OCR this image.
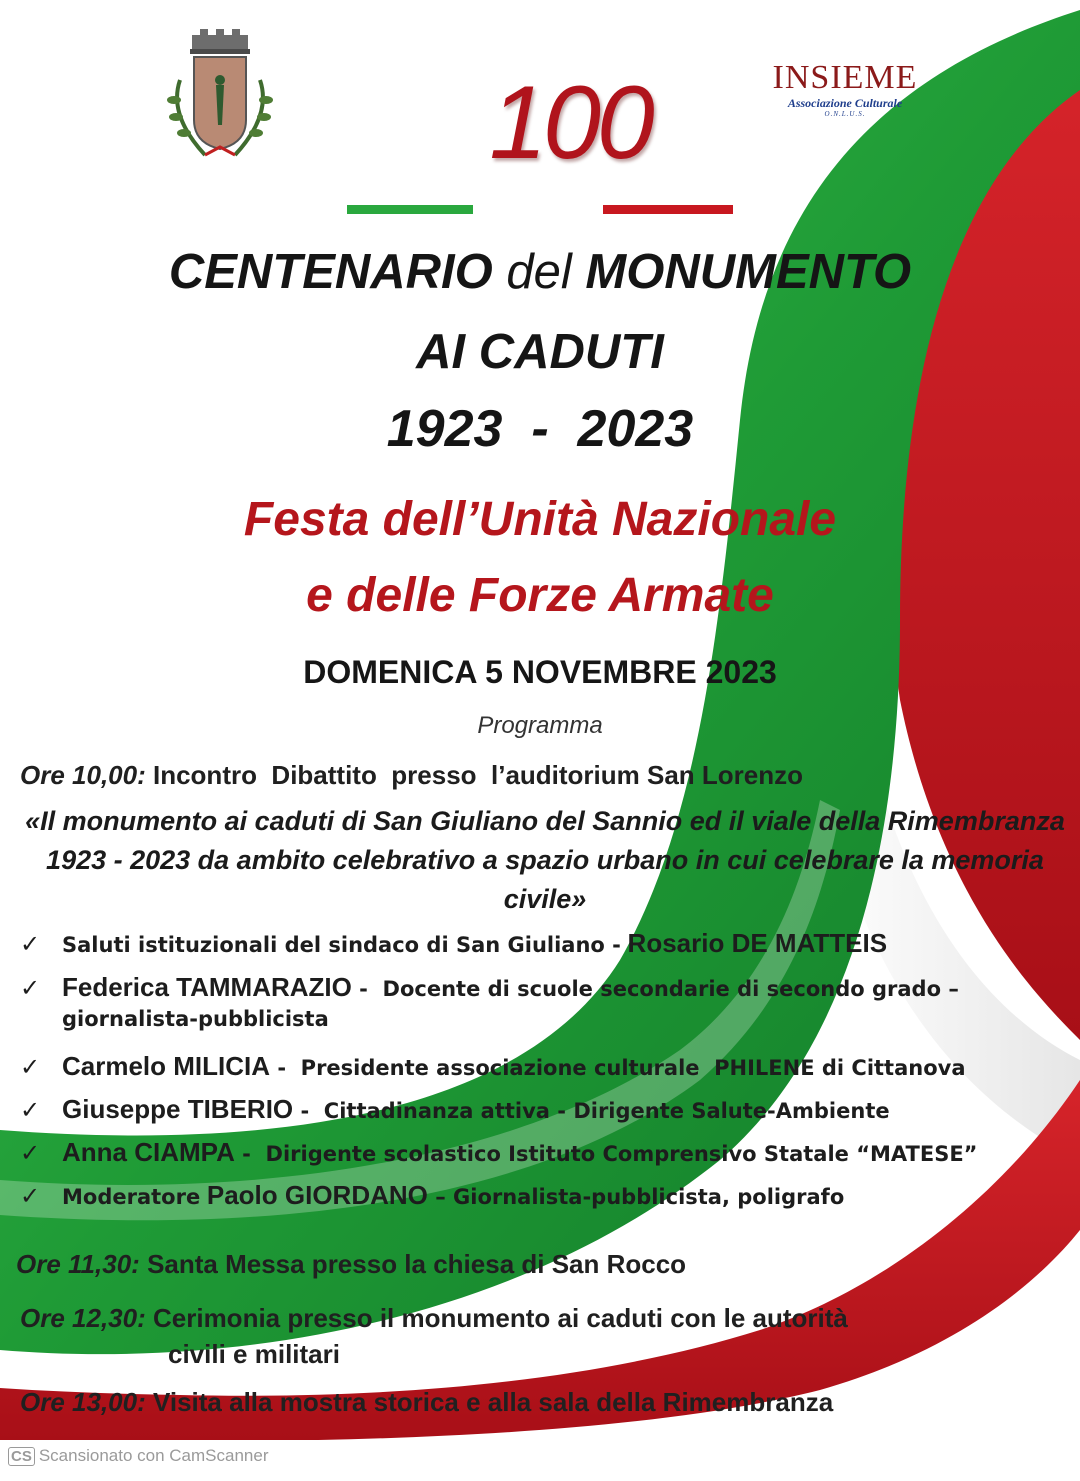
INSIEME
Associazione Culturale
O.N.L.U.S.
100
CENTENARIO del MONUMENTO
AI CADUTI
1923  -  2023
Festa dell’Unità Nazionale
e delle Forze Armate
DOMENICA 5 NOVEMBRE 2023
Programma
Ore 10,00: Incontro  Dibattito  presso  l’auditorium San Lorenzo
«Il monumento ai caduti di San Giuliano del Sannio ed il viale della Rimembranza 1923 - 2023 da ambito celebrativo a spazio urbano in cui celebrare la memoria civile»
✓ Saluti istituzionali del sindaco di San Giuliano - Rosario DE MATTEIS
✓ Federica TAMMARAZIO -  Docente di scuole secondarie di secondo grado –
giornalista-pubblicista
✓ Carmelo MILICIA -  Presidente associazione culturale  PHILENE di Cittanova
✓ Giuseppe TIBERIO -  Cittadinanza attiva - Dirigente Salute-Ambiente
✓ Anna CIAMPA -  Dirigente scolastico Istituto Comprensivo Statale “MATESE”
✓ Moderatore Paolo GIORDANO – Giornalista-pubblicista, poligrafo
Ore 11,30: Santa Messa presso la chiesa di San Rocco
Ore 12,30: Cerimonia presso il monumento ai caduti con le autorità
civili e militari
Ore 13,00: Visita alla mostra storica e alla sala della Rimembranza
CS Scansionato con CamScanner
